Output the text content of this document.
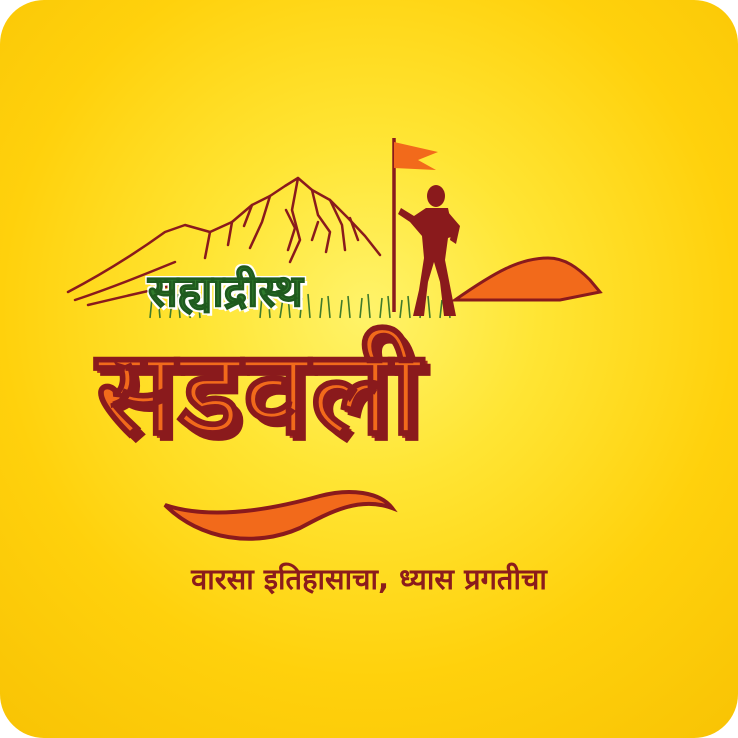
सह्याद्रीस्थ
सडवली
वारसा इतिहासाचा, ध्यास प्रगतीचा
